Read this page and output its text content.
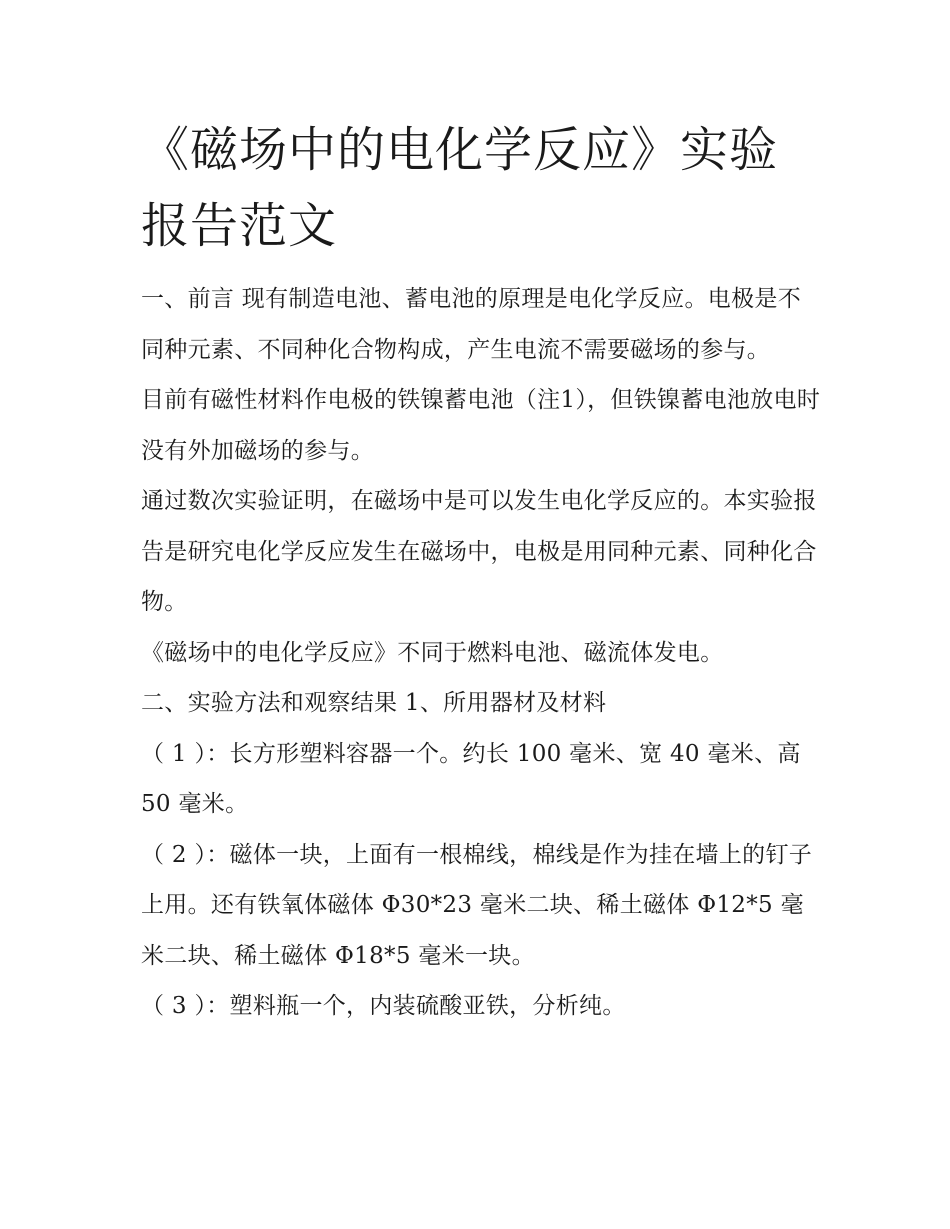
《磁场中的电化学反应》实验报告范文

一、前言 现有制造电池、蓄电池的原理是电化学反应。电极是不同种元素、不同种化合物构成，产生电流不需要磁场的参与。

目前有磁性材料作电极的铁镍蓄电池（注1），但铁镍蓄电池放电时没有外加磁场的参与。

通过数次实验证明，在磁场中是可以发生电化学反应的。本实验报告是研究电化学反应发生在磁场中，电极是用同种元素、同种化合物。

《磁场中的电化学反应》不同于燃料电池、磁流体发电。

二、实验方法和观察结果 1、所用器材及材料

（ 1 ）：长方形塑料容器一个。约长 100 毫米、宽 40 毫米、高 50 毫米。

（ 2 ）：磁体一块，上面有一根棉线，棉线是作为挂在墙上的钉子上用。还有铁氧体磁体 Φ30*23 毫米二块、稀土磁体 Φ12*5 毫米二块、稀土磁体 Φ18*5 毫米一块。

（ 3 ）：塑料瓶一个，内装硫酸亚铁，分析纯。
